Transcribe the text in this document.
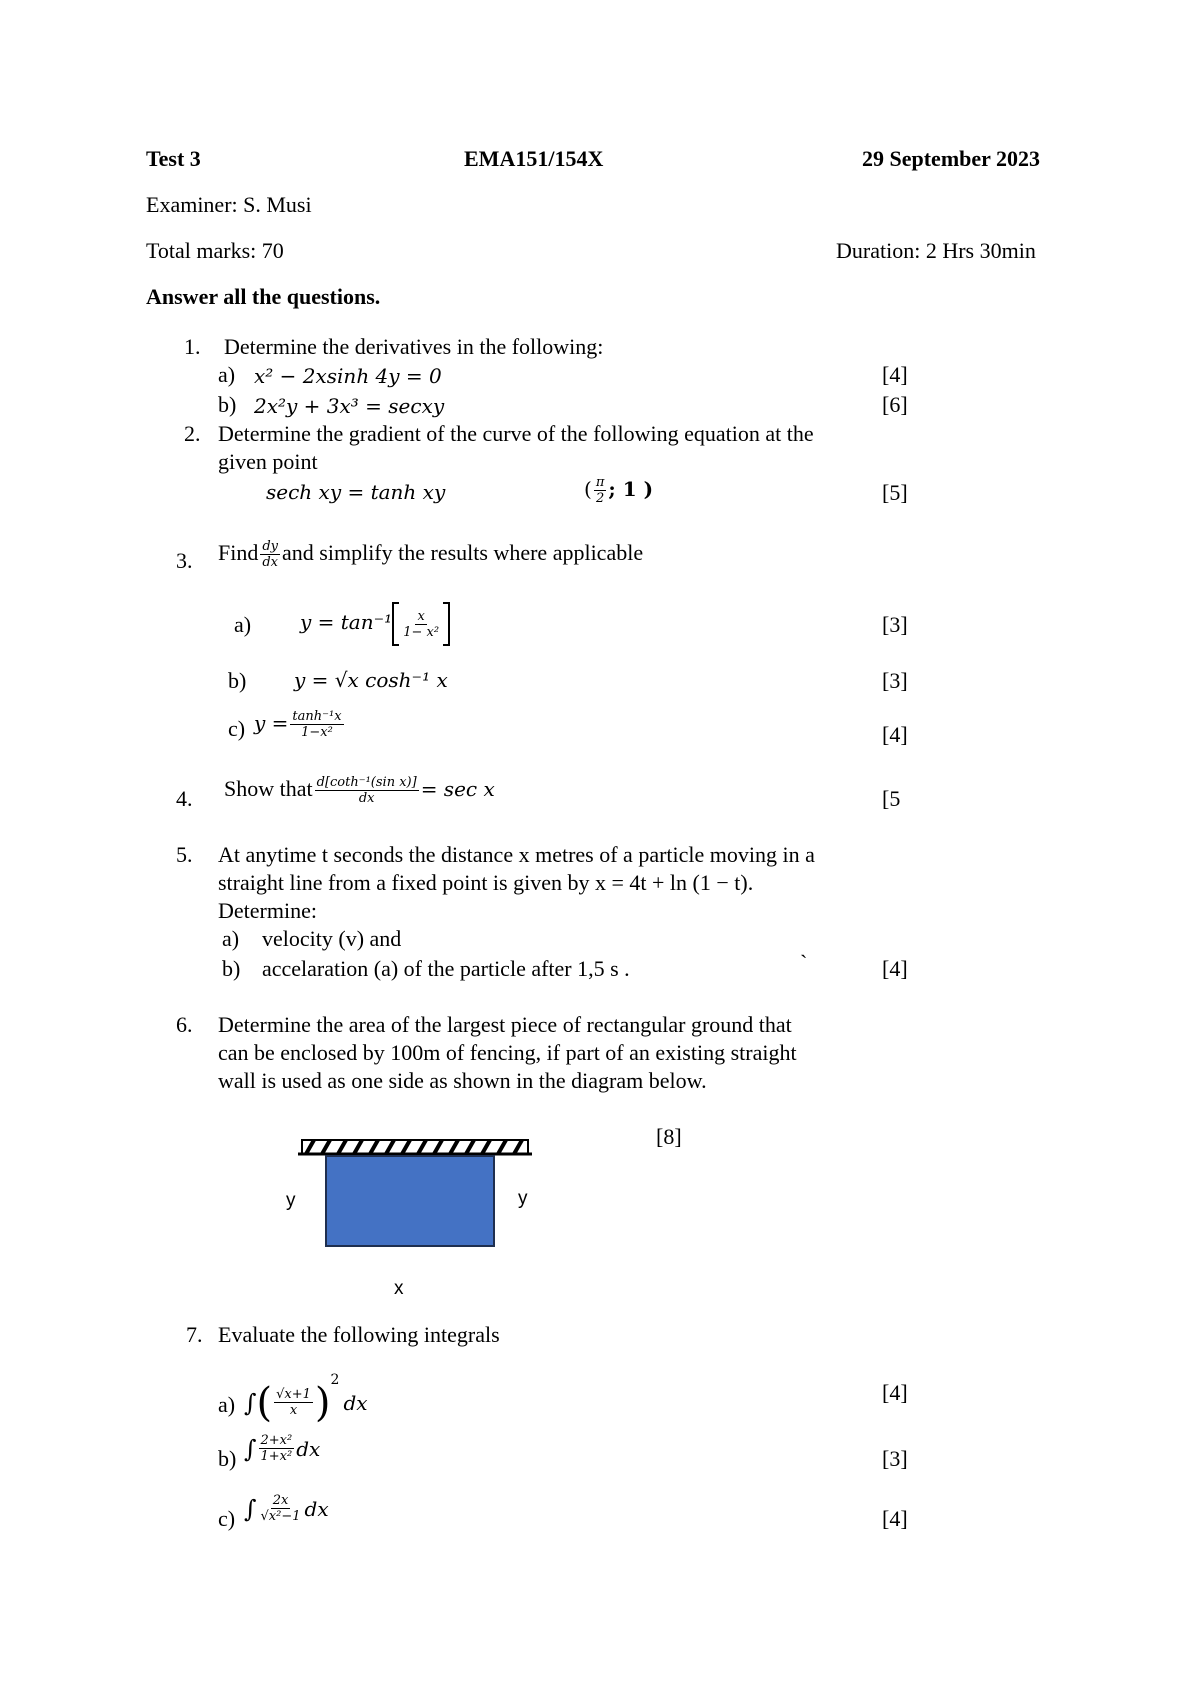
Test 3	EMA151/154X	29 September 2023
Examiner: S. Musi
Total marks: 70	Duration: 2 Hrs 30min
Answer all the questions.
1. Determine the derivatives in the following:
a) x² − 2xsinh 4y = 0	[4]
b) 2x²y + 3x³ = secxy	[6]
2. Determine the gradient of the curve of the following equation at the
given point
sech xy = tanh xy	( $\frac{\pi}{2}$ ; 1 )	[5]
3. Find $\frac{dy}{dx}$ and simplify the results where applicable
a) $y = \tan^{-1} \frac{x}{\text{1− x²}}$	[3]
b) y = √x cosh⁻¹ x	[3]
c) $y = \frac{\text{tanh⁻¹x}}{\text{1−x²}}$	[4]
4. Show that $\frac{\text{d[coth⁻¹(sin x)]}}{dx} = \sec x$	[5
5. At anytime t seconds the distance x metres of a particle moving in a
straight line from a fixed point is given by x = 4t + ln (1 − t).
Determine:
a) velocity (v) and
b) accelaration (a) of the particle after 1,5 s .	`	[4]
6. Determine the area of the largest piece of rectangular ground that
can be enclosed by 100m of fencing, if part of an existing straight
wall is used as one side as shown in the diagram below.
[8]
y	y
x
7. Evaluate the following integrals
a) ∫( $\frac{√x+1}{x} )^2dx$	[4]
b) ∫ $\frac{\text{2+x²}}{\text{1+x²}}$ dx	[3]
c) ∫ $\frac{2x}{\text{√x²−1}}$ dx	[4]
